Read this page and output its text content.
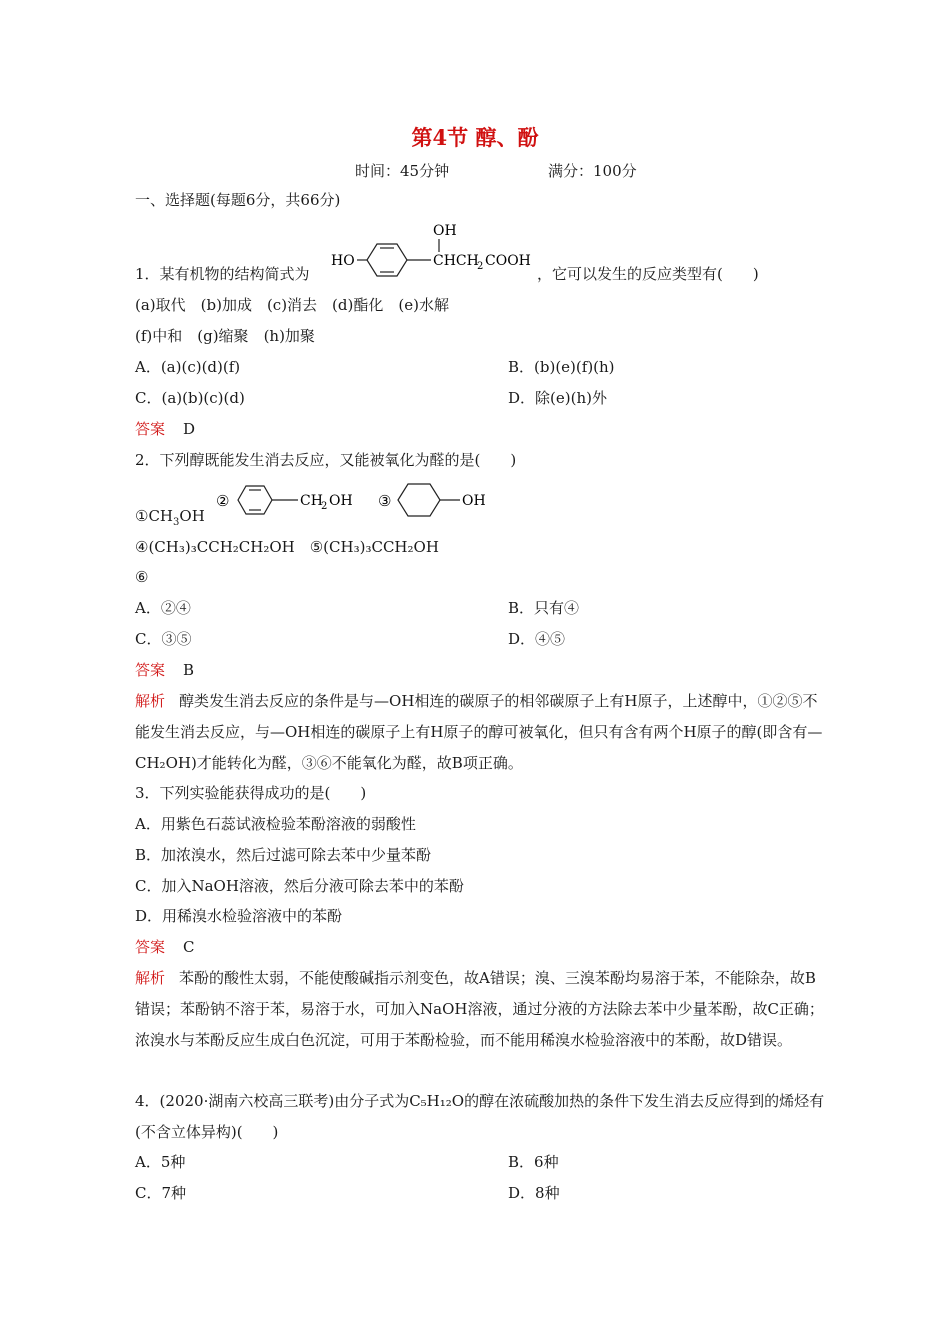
第4节 醇、酚
时间：45分钟	满分：100分
一、选择题(每题6分，共66分)
1．某有机物的结构简式为
HO
OH
CHCH
2 COOH
，它可以发生的反应类型有(　　)
(a)取代　(b)加成　(c)消去　(d)酯化　(e)水解
(f)中和　(g)缩聚　(h)加聚
A．(a)(c)(d)(f)	B．(b)(e)(f)(h)
C．(a)(b)(c)(d)	D．除(e)(h)外
答案 D
2．下列醇既能发生消去反应，又能被氧化为醛的是(　　)
$①CH_3OH$
②	CH
2 OH ③	OH
④(CH₃)₃CCH₂CH₂OH　⑤(CH₃)₃CCH₂OH
⑥
A．②④	B．只有④
C．③⑤	D．④⑤
答案 B
解析 醇类发生消去反应的条件是与—OH相连的碳原子的相邻碳原子上有H原子，上述醇中，①②⑤不能发生消去反应，与—OH相连的碳原子上有H原子的醇可被氧化，但只有含有两个H原子的醇(即含有—CH₂OH)才能转化为醛，③⑥不能氧化为醛，故B项正确。
3．下列实验能获得成功的是(　　)
A．用紫色石蕊试液检验苯酚溶液的弱酸性
B．加浓溴水，然后过滤可除去苯中少量苯酚
C．加入NaOH溶液，然后分液可除去苯中的苯酚
D．用稀溴水检验溶液中的苯酚
答案 C
解析 苯酚的酸性太弱，不能使酸碱指示剂变色，故A错误；溴、三溴苯酚均易溶于苯，不能除杂，故B错误；苯酚钠不溶于苯，易溶于水，可加入NaOH溶液，通过分液的方法除去苯中少量苯酚，故C正确；浓溴水与苯酚反应生成白色沉淀，可用于苯酚检验，而不能用稀溴水检验溶液中的苯酚，故D错误。
4．(2020·湖南六校高三联考)由分子式为C₅H₁₂O的醇在浓硫酸加热的条件下发生消去反应得到的烯烃有(不含立体异构)(　　)
A．5种	B．6种
C．7种	D．8种
